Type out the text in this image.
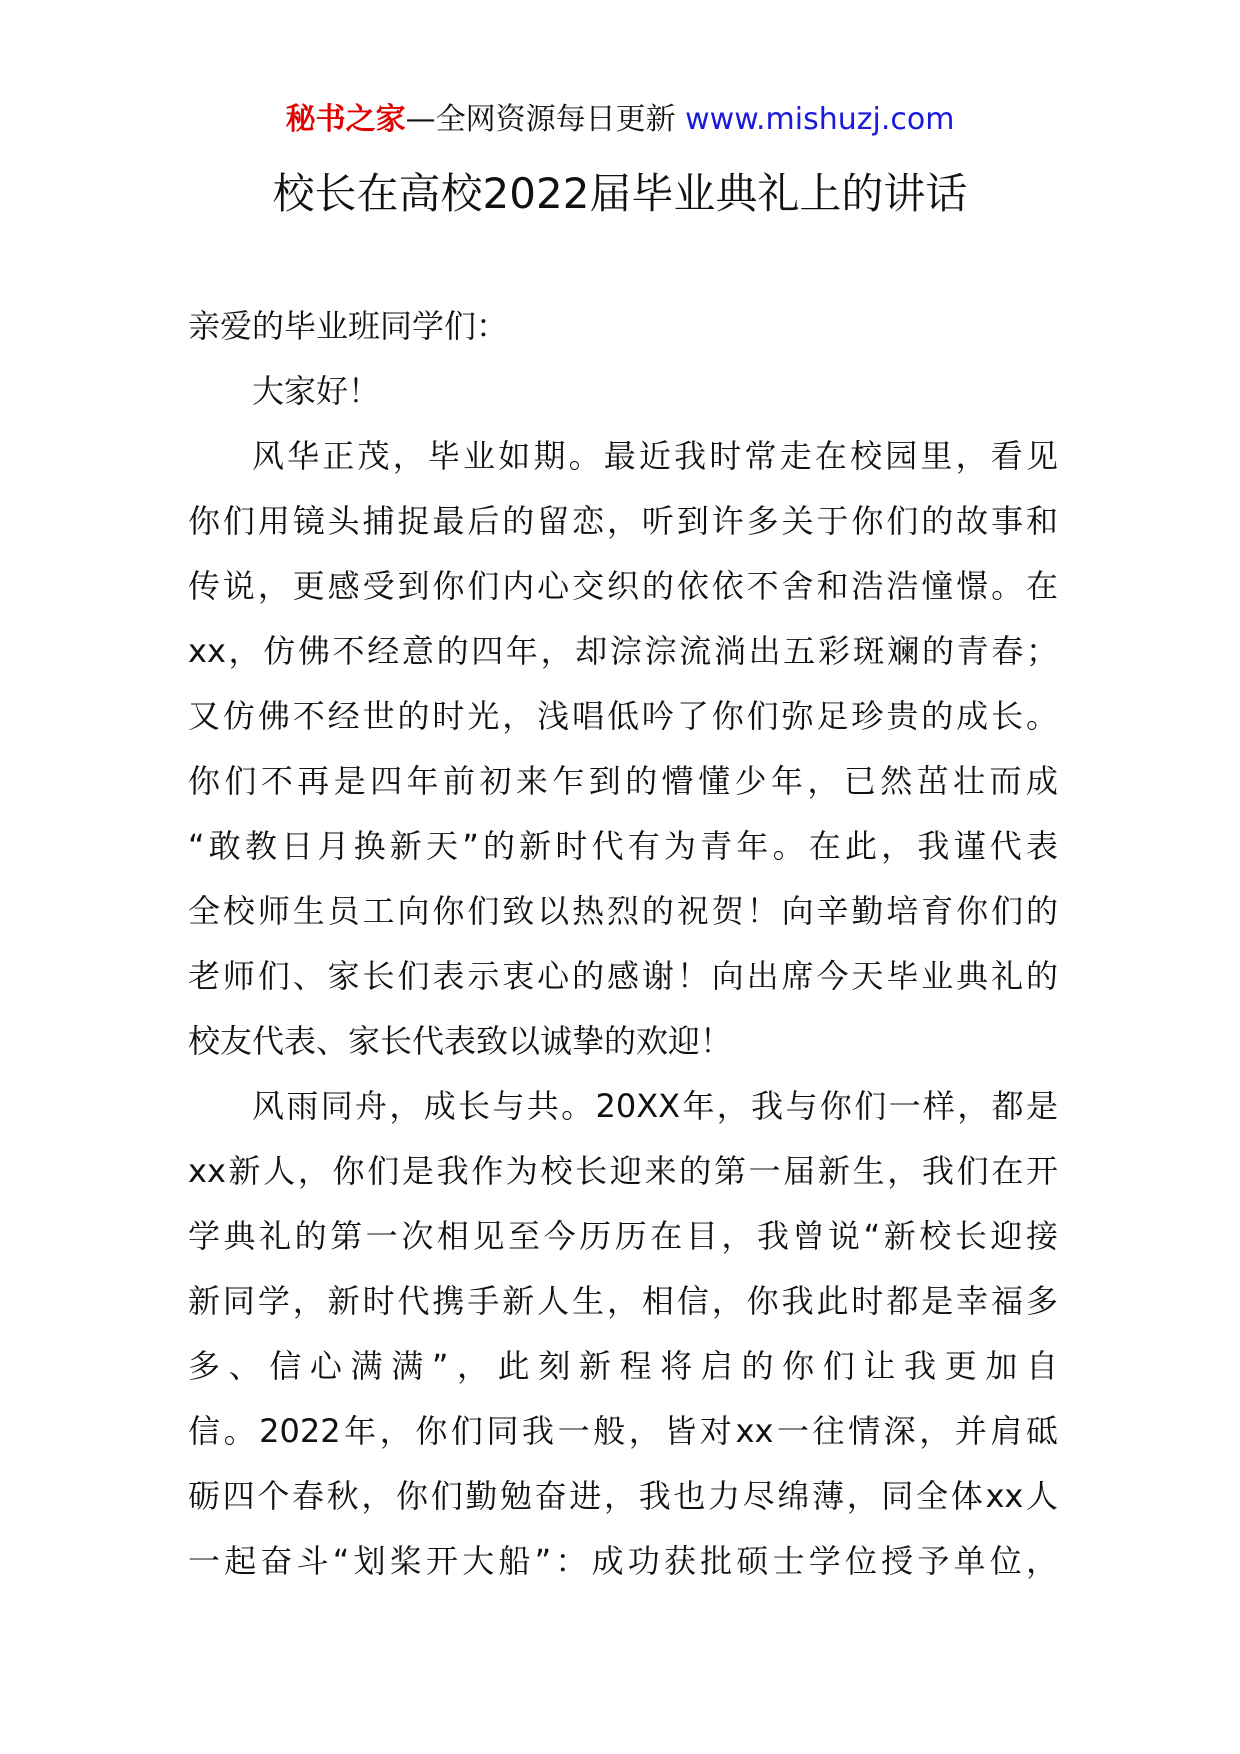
秘书之家—全网资源每日更新 www.mishuzj.com
校长在高校2022届毕业典礼上的讲话
亲爱的毕业班同学们：
大家好！
风华正茂，毕业如期。最近我时常走在校园里，看见
你们用镜头捕捉最后的留恋，听到许多关于你们的故事和
传说，更感受到你们内心交织的依依不舍和浩浩憧憬。在
xx，仿佛不经意的四年，却淙淙流淌出五彩斑斓的青春；
又仿佛不经世的时光，浅唱低吟了你们弥足珍贵的成长。
你们不再是四年前初来乍到的懵懂少年，已然茁壮而成
“敢教日月换新天”的新时代有为青年。在此，我谨代表
全校师生员工向你们致以热烈的祝贺！向辛勤培育你们的
老师们、家长们表示衷心的感谢！向出席今天毕业典礼的
校友代表、家长代表致以诚挚的欢迎！
风雨同舟，成长与共。20XX年，我与你们一样，都是
xx新人，你们是我作为校长迎来的第一届新生，我们在开
学典礼的第一次相见至今历历在目，我曾说“新校长迎接
新同学，新时代携手新人生，相信，你我此时都是幸福多
多、信心满满”，此刻新程将启的你们让我更加自
信。2022年，你们同我一般，皆对xx一往情深，并肩砥
砺四个春秋，你们勤勉奋进，我也力尽绵薄，同全体xx人
一起奋斗“划桨开大船”：成功获批硕士学位授予单位，
